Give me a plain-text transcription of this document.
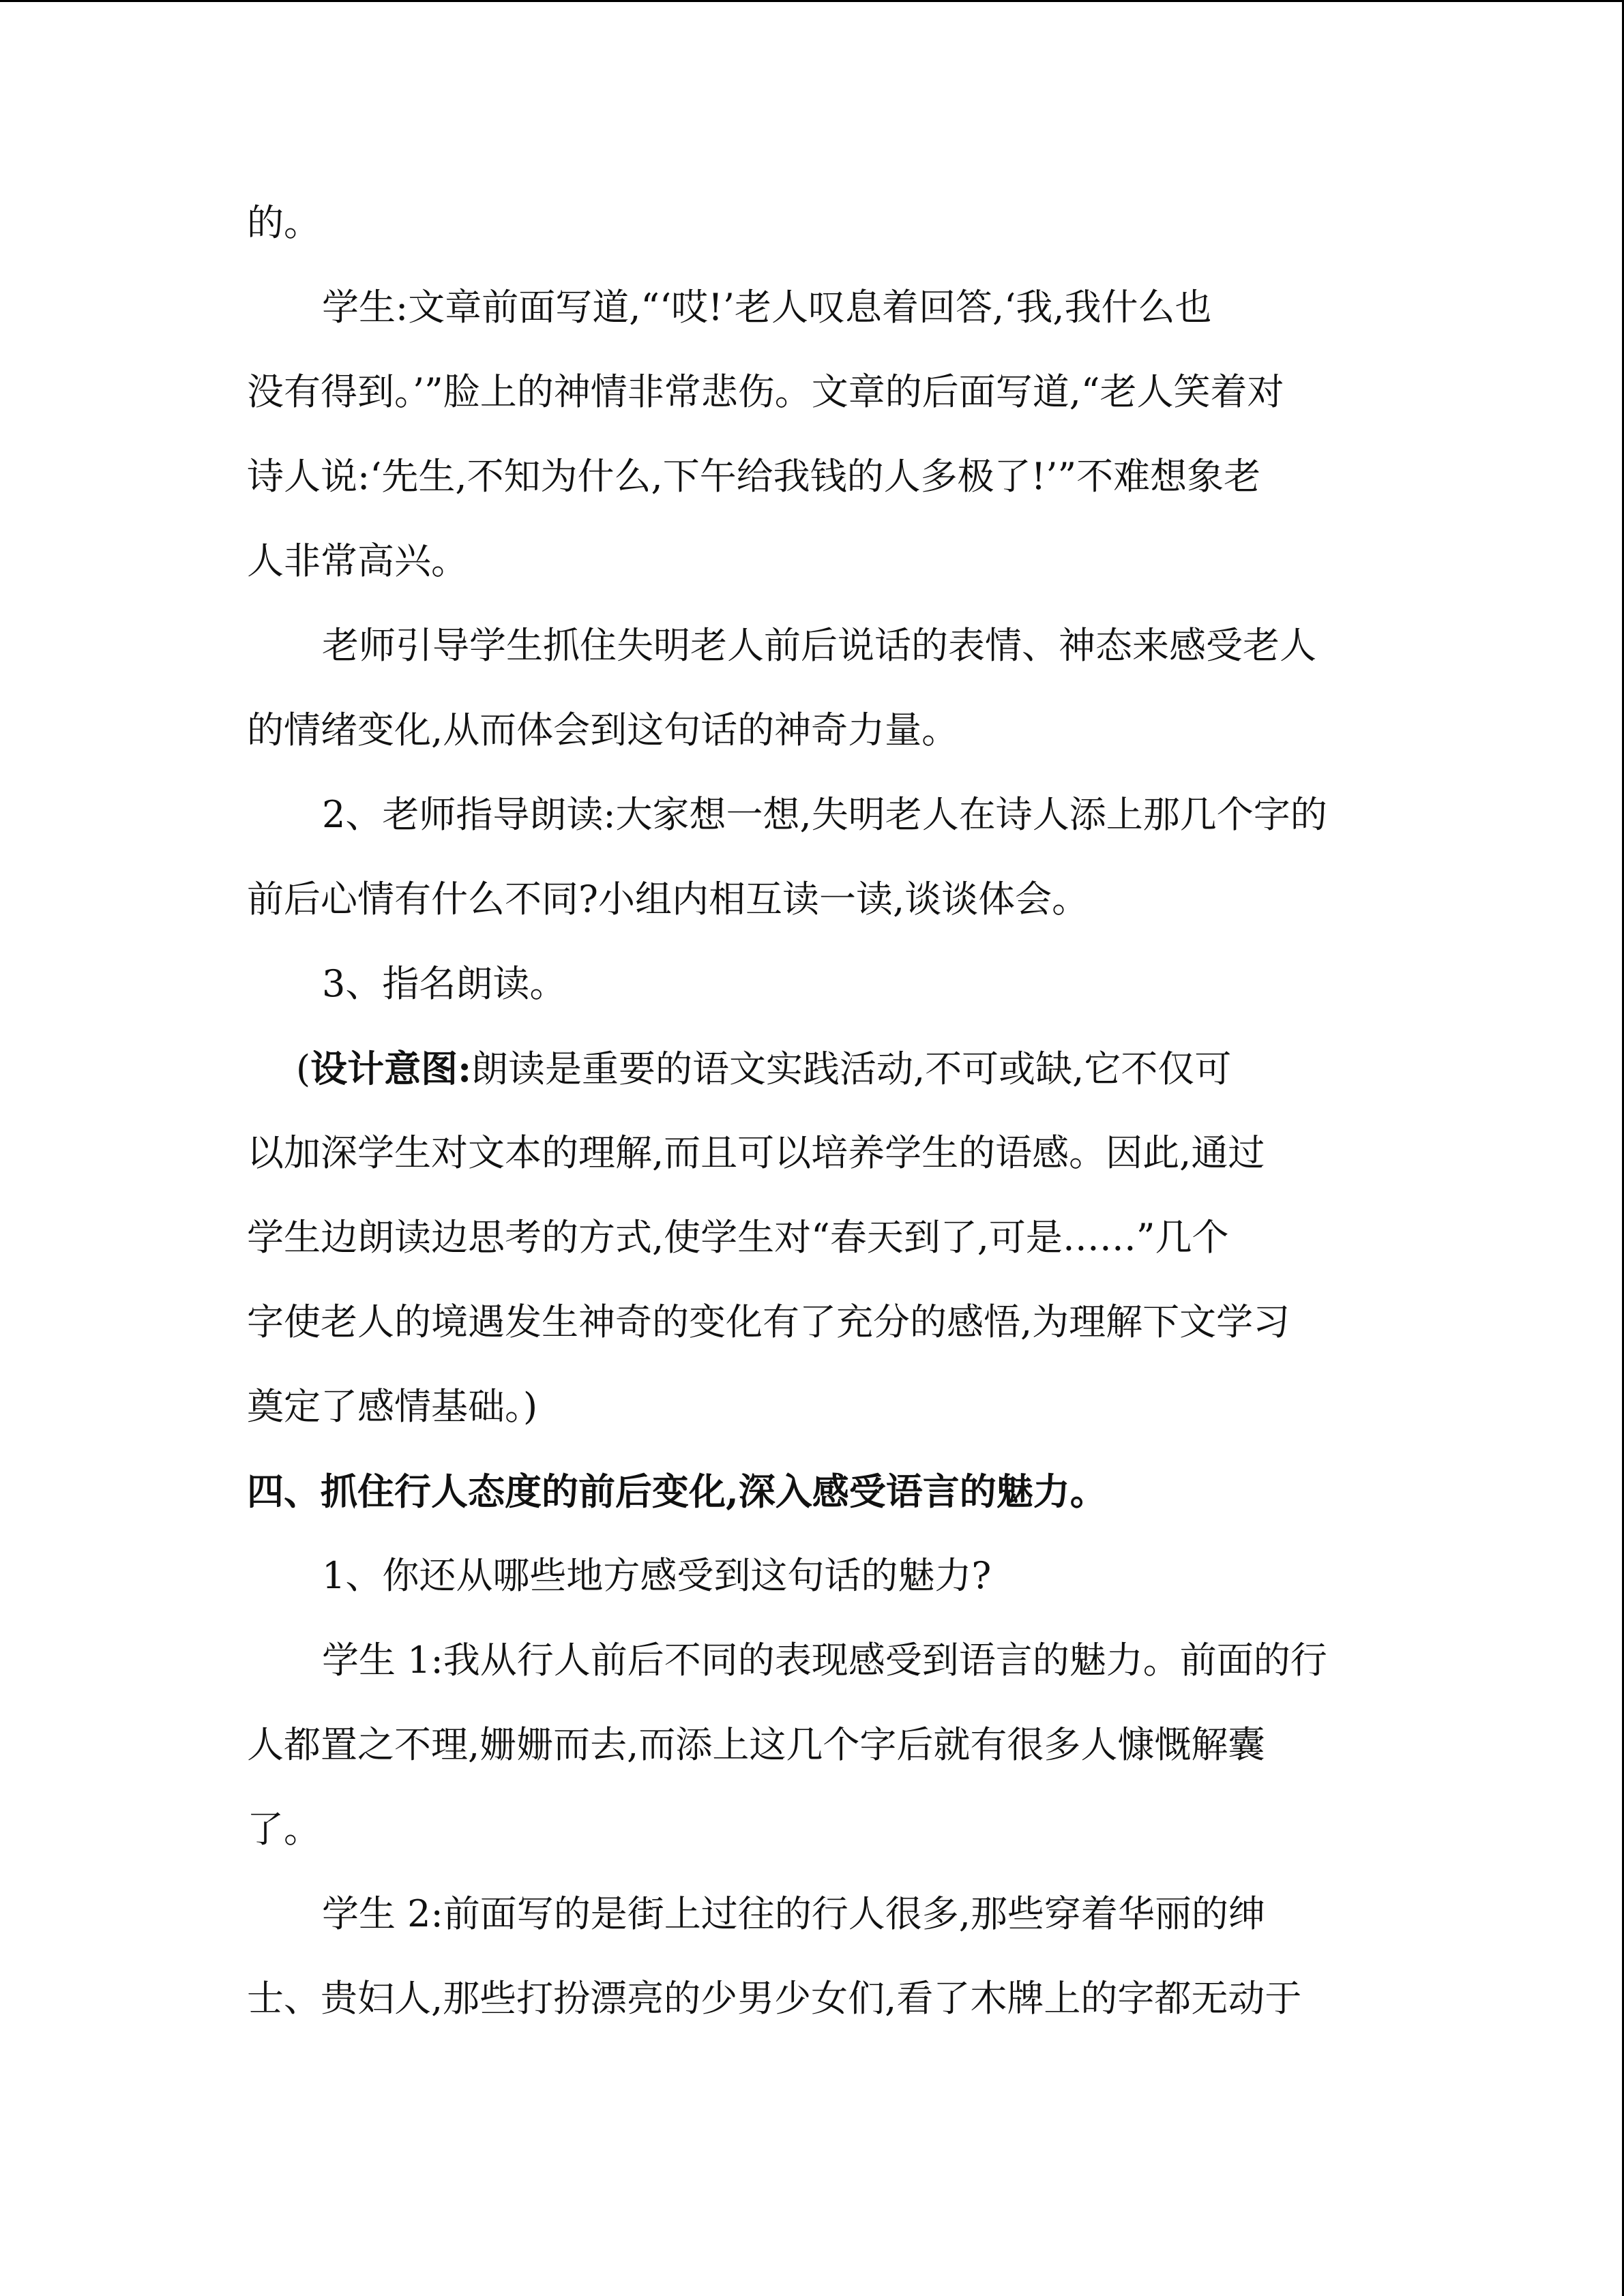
的。
学生:文章前面写道,“‘哎!’老人叹息着回答,‘我,我什么也
没有得到。’”脸上的神情非常悲伤。文章的后面写道,“老人笑着对
诗人说:‘先生,不知为什么,下午给我钱的人多极了!’”不难想象老
人非常高兴。
老师引导学生抓住失明老人前后说话的表情、神态来感受老人
的情绪变化,从而体会到这句话的神奇力量。
2、老师指导朗读:大家想一想,失明老人在诗人添上那几个字的
前后心情有什么不同?小组内相互读一读,谈谈体会。
3、指名朗读。
(设计意图:朗读是重要的语文实践活动,不可或缺,它不仅可
以加深学生对文本的理解,而且可以培养学生的语感。因此,通过
学生边朗读边思考的方式,使学生对“春天到了,可是……”几个
字使老人的境遇发生神奇的变化有了充分的感悟,为理解下文学习
奠定了感情基础。)
四、抓住行人态度的前后变化,深入感受语言的魅力。
1、你还从哪些地方感受到这句话的魅力?
学生 1:我从行人前后不同的表现感受到语言的魅力。前面的行
人都置之不理,姗姗而去,而添上这几个字后就有很多人慷慨解囊
了。
学生 2:前面写的是街上过往的行人很多,那些穿着华丽的绅
士、贵妇人,那些打扮漂亮的少男少女们,看了木牌上的字都无动于
